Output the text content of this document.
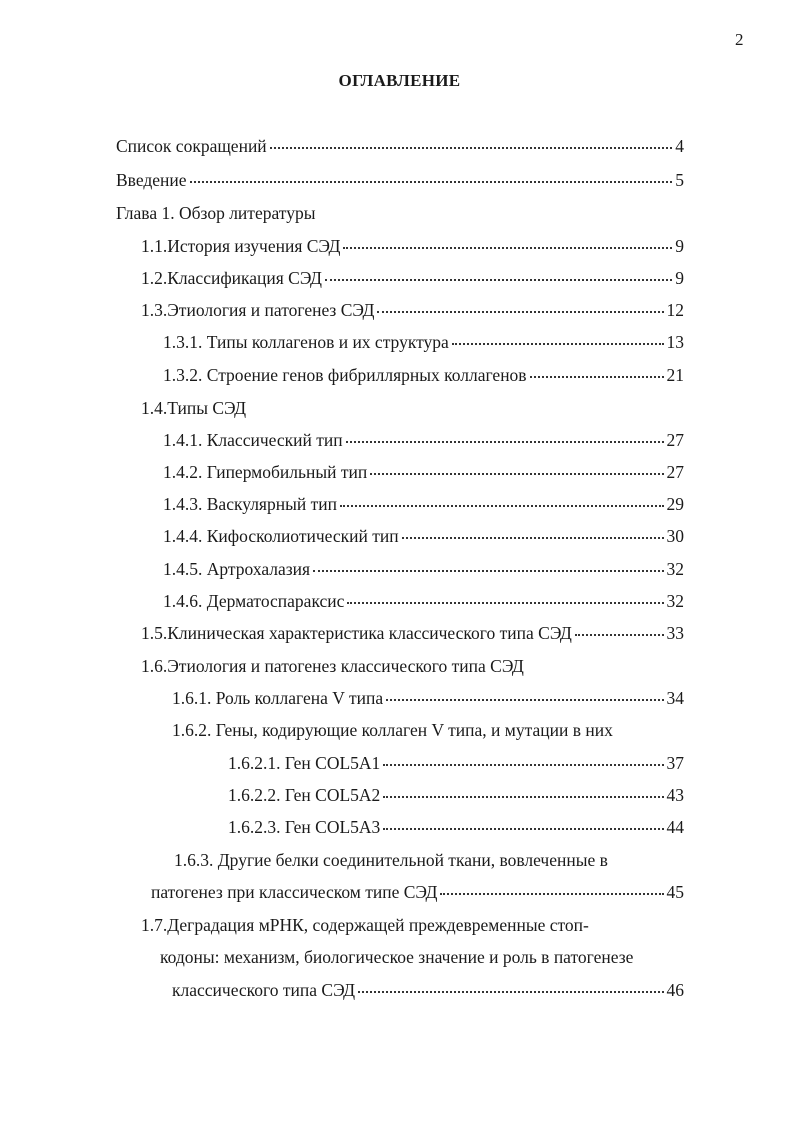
2
ОГЛАВЛЕНИЕ
Список сокращений	4
Введение	5
Глава 1. Обзор литературы
1.1.История изучения СЭД	9
1.2.Классификация СЭД	9
1.3.Этиология и патогенез СЭД	12
1.3.1. Типы коллагенов и их структура	13
1.3.2. Строение генов фибриллярных коллагенов	21
1.4.Типы СЭД
1.4.1. Классический тип	27
1.4.2. Гипермобильный тип	27
1.4.3. Васкулярный тип	29
1.4.4. Кифосколиотический тип	30
1.4.5. Артрохалазия	32
1.4.6. Дерматоспараксис	32
1.5.Клиническая характеристика классического типа СЭД	33
1.6.Этиология и патогенез классического типа СЭД
1.6.1. Роль коллагена V типа	34
1.6.2. Гены, кодирующие коллаген V типа, и мутации в них
1.6.2.1. Ген COL5A1	37
1.6.2.2. Ген COL5A2	43
1.6.2.3. Ген COL5A3	44
1.6.3. Другие белки соединительной ткани, вовлеченные в
патогенез при классическом типе СЭД	45
1.7.Деградация мРНК, содержащей преждевременные стоп-
кодоны: механизм, биологическое значение и роль в патогенезе
классического типа СЭД	46
